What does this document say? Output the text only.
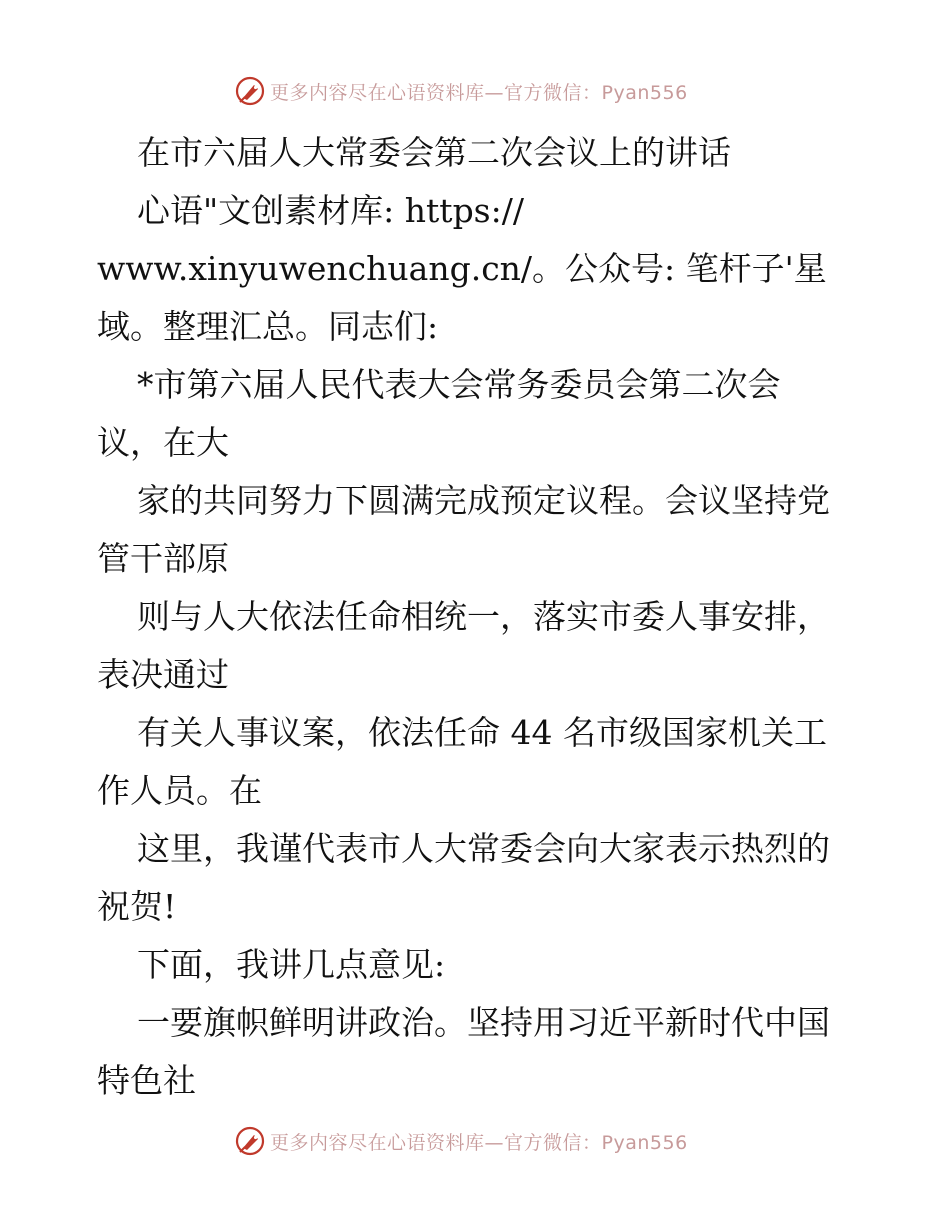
更多内容尽在心语资料库—官方微信：Pyan556
在市六届人大常委会第二次会议上的讲话
心语"文创素材库: https://
www.xinyuwenchuang.cn/。公众号: 笔杆子'星
域。整理汇总。同志们:
*市第六届人民代表大会常务委员会第二次会
议，在大
家的共同努力下圆满完成预定议程。会议坚持党
管干部原
则与人大依法任命相统一，落实市委人事安排，
表决通过
有关人事议案，依法任命 44 名市级国家机关工
作人员。在
这里，我谨代表市人大常委会向大家表示热烈的
祝贺!
下面，我讲几点意见:
一要旗帜鲜明讲政治。坚持用习近平新时代中国
特色社
更多内容尽在心语资料库—官方微信：Pyan556
